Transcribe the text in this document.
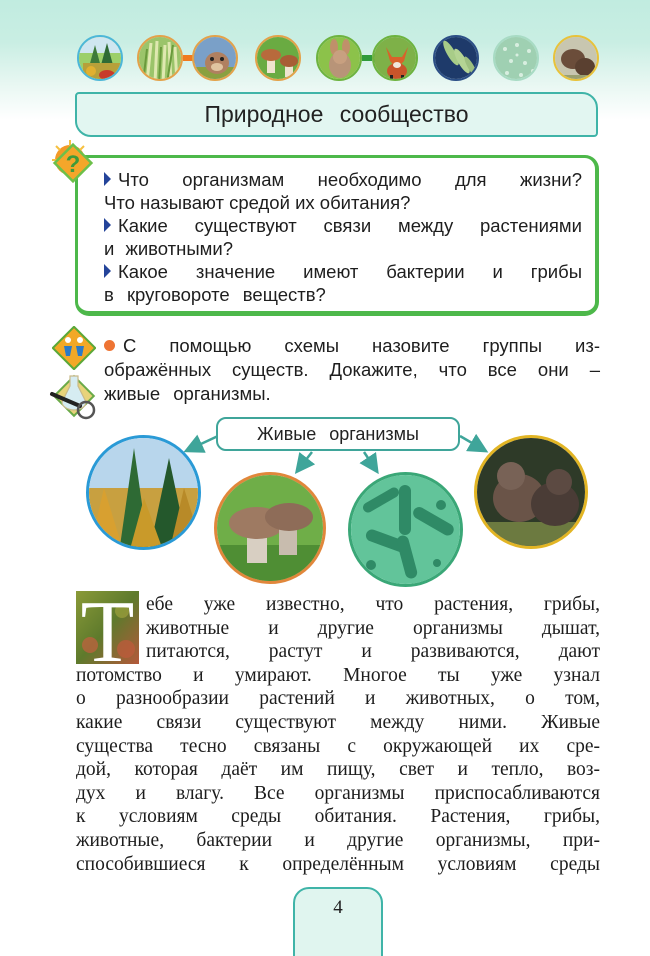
Природное сообщество
?
Что организмам необходимо для жизни?
Что называют средой их обитания?
Какие существуют связи между растениями
и животными?
Какое значение имеют бактерии и грибы
в круговороте веществ?
С помощью схемы назовите группы из-
ображённых существ. Докажите, что все они –
живые организмы.
Живые организмы
Т ебе уже известно, что растения, грибы,
животные и другие организмы дышат,
питаются, растут и развиваются, дают
потомство и умирают. Многое ты уже узнал
о разнообразии растений и животных, о том,
какие связи существуют между ними. Живые
существа тесно связаны с окружающей их сре-
дой, которая даёт им пищу, свет и тепло, воз-
дух и влагу. Все организмы приспосабливаются
к условиям среды обитания. Растения, грибы,
животные, бактерии и другие организмы, при-
способившиеся к определённым условиям среды
4
